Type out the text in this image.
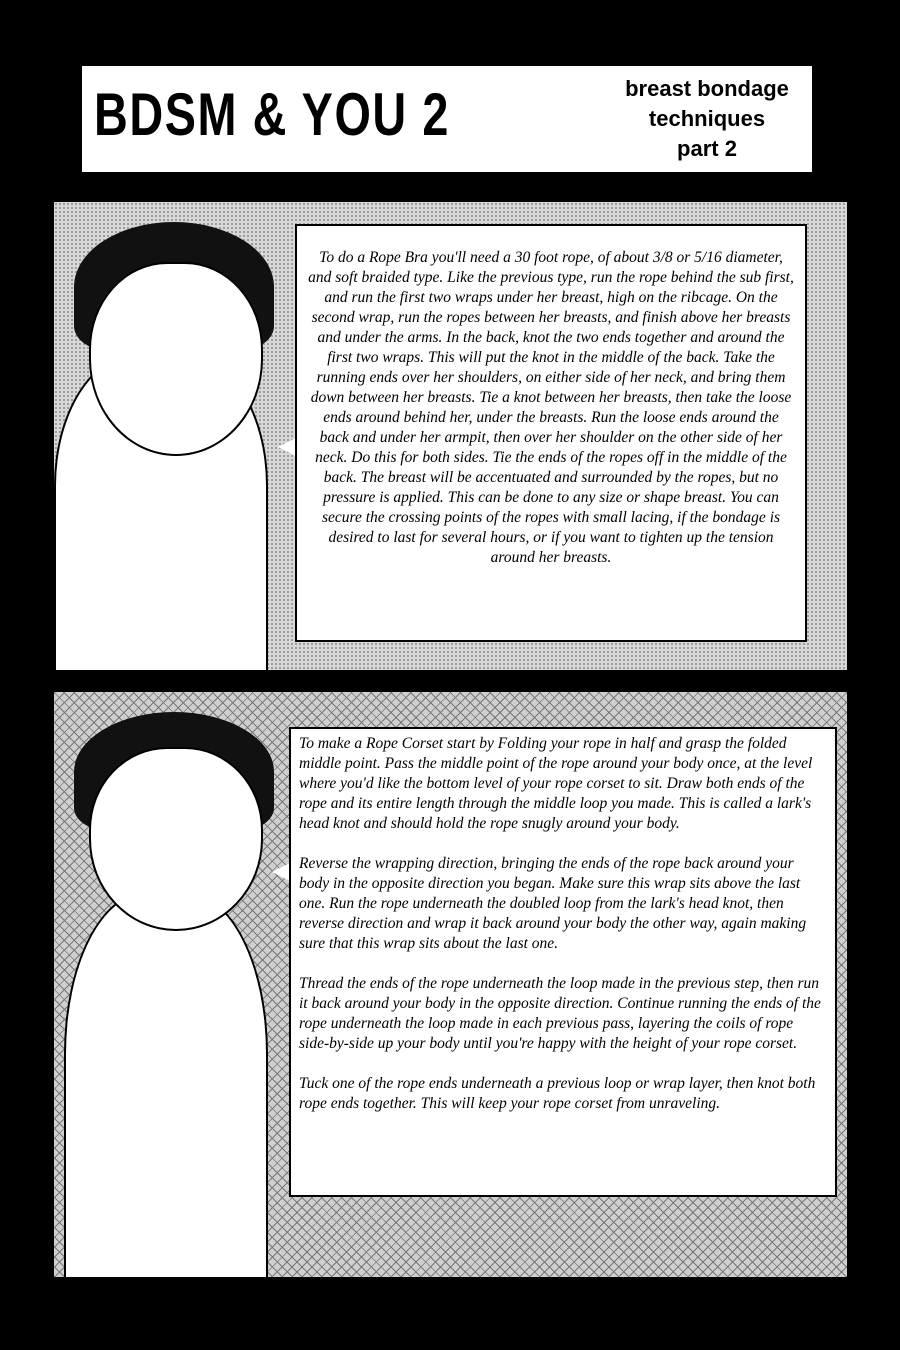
BDSM & YOU 2	breast bondage
techniques
part 2
To do a Rope Bra you'll need a 30 foot rope, of about 3/8 or 5/16 diameter, and soft braided type. Like the previous type, run the rope behind the sub first, and run the first two wraps under her breast, high on the ribcage. On the second wrap, run the ropes between her breasts, and finish above her breasts and under the arms. In the back, knot the two ends together and around the first two wraps. This will put the knot in the middle of the back. Take the running ends over her shoulders, on either side of her neck, and bring them down between her breasts. Tie a knot between her breasts, then take the loose ends around behind her, under the breasts. Run the loose ends around the back and under her armpit, then over her shoulder on the other side of her neck. Do this for both sides. Tie the ends of the ropes off in the middle of the back. The breast will be accentuated and surrounded by the ropes, but no pressure is applied. This can be done to any size or shape breast. You can secure the crossing points of the ropes with small lacing, if the bondage is desired to last for several hours, or if you want to tighten up the tension around her breasts.

To make a Rope Corset start by Folding your rope in half and grasp the folded middle point. Pass the middle point of the rope around your body once, at the level where you'd like the bottom level of your rope corset to sit. Draw both ends of the rope and its entire length through the middle loop you made. This is called a lark's head knot and should hold the rope snugly around your body.

Reverse the wrapping direction, bringing the ends of the rope back around your body in the opposite direction you began. Make sure this wrap sits above the last one. Run the rope underneath the doubled loop from the lark's head knot, then reverse direction and wrap it back around your body the other way, again making sure that this wrap sits about the last one.

Thread the ends of the rope underneath the loop made in the previous step, then run it back around your body in the opposite direction. Continue running the ends of the rope underneath the loop made in each previous pass, layering the coils of rope side-by-side up your body until you're happy with the height of your rope corset.

Tuck one of the rope ends underneath a previous loop or wrap layer, then knot both rope ends together. This will keep your rope corset from unraveling.
